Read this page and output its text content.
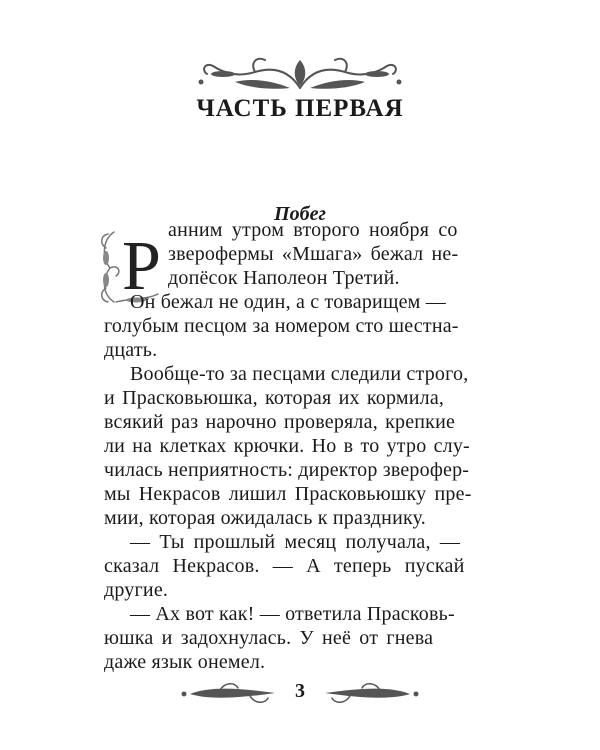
ЧАСТЬ ПЕРВАЯ
Побег
Р анним утром второго ноября со
зверофермы «Мшага» бежал не-
допёсок Наполеон Третий.
Он бежал не один, а с товарищем —
голубым песцом за номером сто шестна-
дцать.
Вообще-то за песцами следили строго,
и Прасковьюшка, которая их кормила,
всякий раз нарочно проверяла, крепкие
ли на клетках крючки. Но в то утро слу-
чилась неприятность: директор зверофер-
мы Некрасов лишил Прасковьюшку пре-
мии, которая ожидалась к празднику.
— Ты прошлый месяц получала, —
сказал Некрасов. — А теперь пускай
другие.
— Ах вот как! — ответила Прасковь-
юшка и задохнулась. У неё от гнева
3
даже язык онемел.
